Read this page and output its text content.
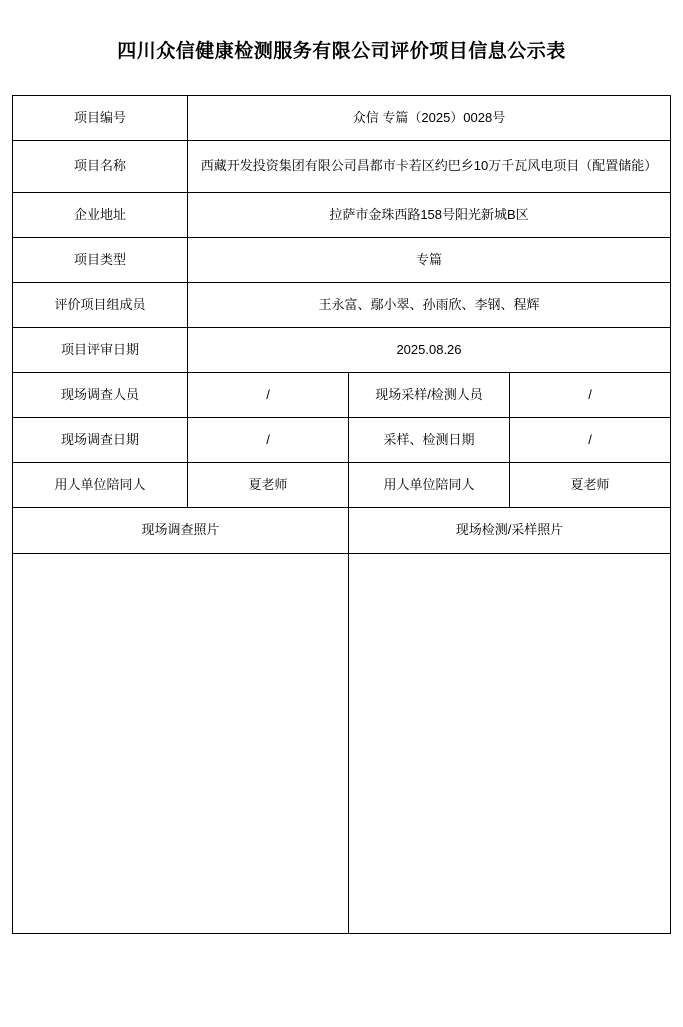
四川众信健康检测服务有限公司评价项目信息公示表
项目编号	众信 专篇（2025）0028号		
项目名称	西藏开发投资集团有限公司昌都市卡若区约巴乡10万千瓦风电项目（配置储能）		
企业地址	拉萨市金珠西路158号阳光新城B区		
项目类型	专篇		
评价项目组成员	王永富、鄢小翠、孙雨欣、李钢、程辉		
项目评审日期	2025.08.26		
现场调查人员	/	现场采样/检测人员	/
现场调查日期	/	采样、检测日期	/
用人单位陪同人	夏老师	用人单位陪同人	夏老师
现场调查照片		现场检测/采样照片	
